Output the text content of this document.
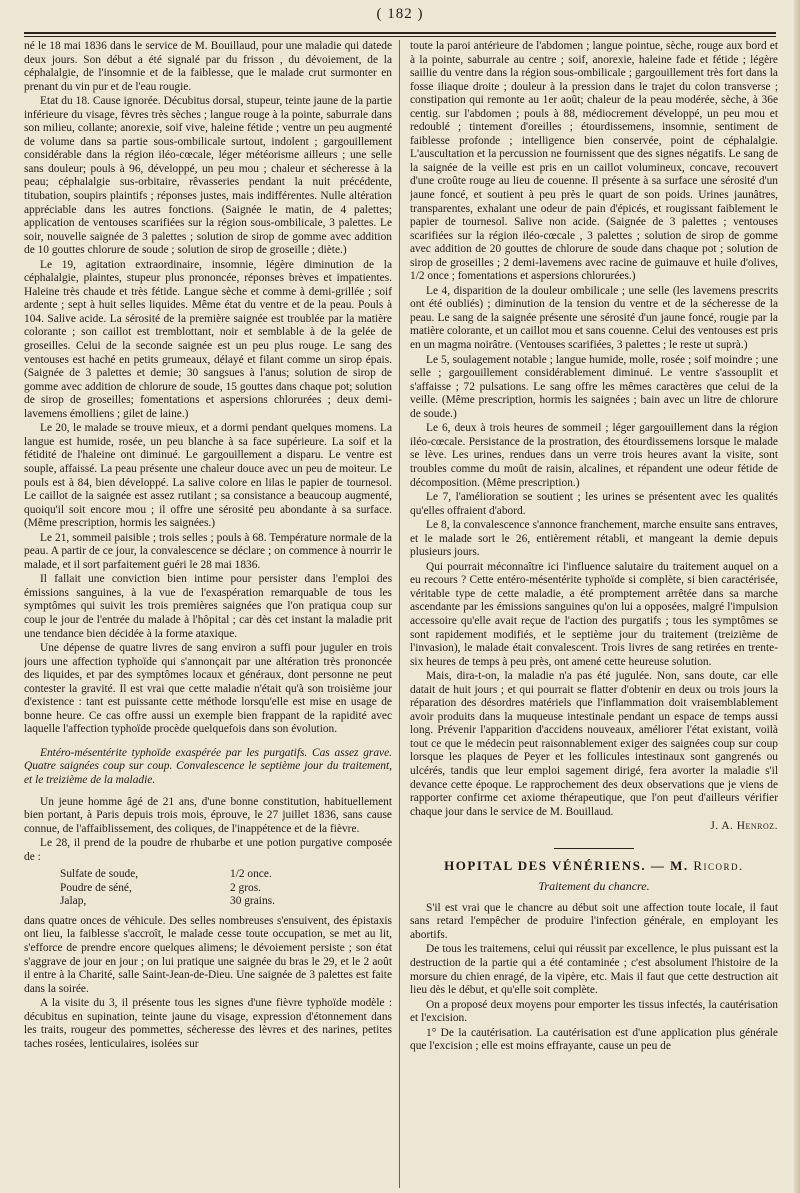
( 182 )

né le 18 mai 1836 dans le service de M. Bouillaud, pour une maladie qui datede deux jours. Son début a été signalé par du frisson , du dévoiement, de la céphalalgie, de l'insomnie et de la faiblesse, que le malade crut surmonter en prenant du vin pur et de l'eau rougie.

Etat du 18. Cause ignorée. Décubitus dorsal, stupeur, teinte jaune de la partie inférieure du visage, fèvres très sèches ; langue rouge à la pointe, saburrale dans son milieu, collante; anorexie, soif vive, haleine fétide ; ventre un peu augmenté de volume dans sa partie sous-ombilicale surtout, indolent ; gargouillement considérable dans la région iléo-cœcale, léger météorisme ailleurs ; une selle sans douleur; pouls à 96, développé, un peu mou ; chaleur et sécheresse à la peau; céphalalgie sus-orbitaire, rêvasseries pendant la nuit précédente, titubation, soupirs plaintifs ; réponses justes, mais indifférentes. Nulle altération appréciable dans les autres fonctions. (Saignée le matin, de 4 palettes; application de ventouses scarifiées sur la région sous-ombilicale, 3 palettes. Le soir, nouvelle saignée de 3 palettes ; solution de sirop de gomme avec addition de 10 gouttes chlorure de soude ; solution de sirop de groseille ; diète.)

Le 19, agitation extraordinaire, insomnie, légère diminution de la céphalalgie, plaintes, stupeur plus prononcée, réponses brèves et impatientes. Haleine très chaude et très fétide. Langue sèche et comme à demi-grillée ; soif ardente ; sept à huit selles liquides. Même état du ventre et de la peau. Pouls à 104. Salive acide. La sérosité de la première saignée est troublée par la matière colorante ; son caillot est tremblottant, noir et semblable à de la gelée de groseilles. Celui de la seconde saignée est un peu plus rouge. Le sang des ventouses est haché en petits grumeaux, délayé et filant comme un sirop épais. (Saignée de 3 palettes et demie; 30 sangsues à l'anus; solution de sirop de gomme avec addition de chlorure de soude, 15 gouttes dans chaque pot; solution de sirop de groseilles; fomentations et aspersions chlorurées ; deux demi-lavemens émolliens ; gilet de laine.)

Le 20, le malade se trouve mieux, et a dormi pendant quelques momens. La langue est humide, rosée, un peu blanche à sa face supérieure. La soif et la fétidité de l'haleine ont diminué. Le gargouillement a disparu. Le ventre est souple, affaissé. La peau présente une chaleur douce avec un peu de moiteur. Le pouls est à 84, bien développé. La salive colore en lilas le papier de tournesol. Le caillot de la saignée est assez rutilant ; sa consistance a beaucoup augmenté, quoiqu'il soit encore mou ; il offre une sérosité peu abondante à sa surface. (Même prescription, hormis les saignées.)

Le 21, sommeil paisible ; trois selles ; pouls à 68. Température normale de la peau. A partir de ce jour, la convalescence se déclare ; on commence à nourrir le malade, et il sort parfaitement guéri le 28 mai 1836.

Il fallait une conviction bien intime pour persister dans l'emploi des émissions sanguines, à la vue de l'exaspération remarquable de tous les symptômes qui suivit les trois premières saignées que l'on pratiqua coup sur coup le jour de l'entrée du malade à l'hôpital ; car dès cet instant la maladie prit une tendance bien décidée à la forme ataxique.

Une dépense de quatre livres de sang environ a suffi pour juguler en trois jours une affection typhoïde qui s'annonçait par une altération très prononcée des liquides, et par des symptômes locaux et généraux, dont personne ne peut contester la gravité. Il est vrai que cette maladie n'était qu'à son troisième jour d'existence : tant est puissante cette méthode lorsqu'elle est mise en usage de bonne heure. Ce cas offre aussi un exemple bien frappant de la rapidité avec laquelle l'affection typhoïde procède quelquefois dans son évolution.

Entéro-mésentérite typhoïde exaspérée par les purgatifs. Cas assez grave. Quatre saignées coup sur coup. Convalescence le septième jour du traitement, et le treizième de la maladie.

Un jeune homme âgé de 21 ans, d'une bonne constitution, habituellement bien portant, à Paris depuis trois mois, éprouve, le 27 juillet 1836, sans cause connue, de l'affaiblissement, des coliques, de l'inappétence et de la fièvre.

Le 28, il prend de la poudre de rhubarbe et une potion purgative composée de :

Sulfate de soude,	1/2 once.
Poudre de séné,	2 gros.
Jalap,	30 grains.

dans quatre onces de véhicule. Des selles nombreuses s'ensuivent, des épistaxis ont lieu, la faiblesse s'accroît, le malade cesse toute occupation, se met au lit, s'efforce de prendre encore quelques alimens; le dévoiement persiste ; son état s'aggrave de jour en jour ; on lui pratique une saignée du bras le 29, et le 2 août il entre à la Charité, salle Saint-Jean-de-Dieu. Une saignée de 3 palettes est faite dans la soirée.

A la visite du 3, il présente tous les signes d'une fièvre typhoïde modèle : décubitus en supination, teinte jaune du visage, expression d'étonnement dans les traits, rougeur des pommettes, sécheresse des lèvres et des narines, petites taches rosées, lenticulaires, isolées sur

toute la paroi antérieure de l'abdomen ; langue pointue, sèche, rouge aux bord et à la pointe, saburrale au centre ; soif, anorexie, haleine fade et fétide ; légère saillie du ventre dans la région sous-ombilicale ; gargouillement très fort dans la fosse iliaque droite ; douleur à la pression dans le trajet du colon transverse ; constipation qui remonte au 1er août; chaleur de la peau modérée, sèche, à 36e centig. sur l'abdomen ; pouls à 88, médiocrement développé, un peu mou et redoublé ; tintement d'oreilles ; étourdissemens, insomnie, sentiment de faiblesse profonde ; intelligence bien conservée, point de céphalalgie. L'auscultation et la percussion ne fournissent que des signes négatifs. Le sang de la saignée de la veille est pris en un caillot volumineux, concave, recouvert d'une croûte rouge au lieu de couenne. Il présente à sa surface une sérosité d'un jaune foncé, et soutient à peu près le quart de son poids. Urines jaunâtres, transparentes, exhalant une odeur de pain d'épicés, et rougissant faiblement le papier de tournesol. Salive non acide. (Saignée de 3 palettes ; ventouses scarifiées sur la région iléo-cœcale , 3 palettes ; solution de sirop de gomme avec addition de 20 gouttes de chlorure de soude dans chaque pot ; solution de sirop de groseilles ; 2 demi-lavemens avec racine de guimauve et huile d'olives, 1/2 once ; fomentations et aspersions chlorurées.)

Le 4, disparition de la douleur ombilicale ; une selle (les lavemens prescrits ont été oubliés) ; diminution de la tension du ventre et de la sécheresse de la peau. Le sang de la saignée présente une sérosité d'un jaune foncé, rougie par la matière colorante, et un caillot mou et sans couenne. Celui des ventouses est pris en un magma noirâtre. (Ventouses scarifiées, 3 palettes ; le reste ut suprà.)

Le 5, soulagement notable ; langue humide, molle, rosée ; soif moindre ; une selle ; gargouillement considérablement diminué. Le ventre s'assouplit et s'affaisse ; 72 pulsations. Le sang offre les mêmes caractères que celui de la veille. (Même prescription, hormis les saignées ; bain avec un litre de chlorure de soude.)

Le 6, deux à trois heures de sommeil ; léger gargouillement dans la région iléo-cœcale. Persistance de la prostration, des étourdissemens lorsque le malade se lève. Les urines, rendues dans un verre trois heures avant la visite, sont troubles comme du moût de raisin, alcalines, et répandent une odeur fétide de décomposition. (Même prescription.)

Le 7, l'amélioration se soutient ; les urines se présentent avec les qualités qu'elles offraient d'abord.

Le 8, la convalescence s'annonce franchement, marche ensuite sans entraves, et le malade sort le 26, entièrement rétabli, et mangeant la demie depuis plusieurs jours.

Qui pourrait méconnaître ici l'influence salutaire du traitement auquel on a eu recours ? Cette entéro-mésentérite typhoïde si complète, si bien caractérisée, véritable type de cette maladie, a été promptement arrêtée dans sa marche ascendante par les émissions sanguines qu'on lui a opposées, malgré l'impulsion accessoire qu'elle avait reçue de l'action des purgatifs ; tous les symptômes se sont rapidement modifiés, et le septième jour du traitement (treizième de l'invasion), le malade était convalescent. Trois livres de sang retirées en trente-six heures de temps à peu près, ont amené cette heureuse solution.

Mais, dira-t-on, la maladie n'a pas été jugulée. Non, sans doute, car elle datait de huit jours ; et qui pourrait se flatter d'obtenir en deux ou trois jours la réparation des désordres matériels que l'inflammation doit vraisemblablement avoir produits dans la muqueuse intestinale pendant un espace de temps aussi long. Prévenir l'apparition d'accidens nouveaux, améliorer l'état existant, voilà tout ce que le médecin peut raisonnablement exiger des saignées coup sur coup lorsque les plaques de Peyer et les follicules intestinaux sont gangrenés ou ulcérés, tandis que leur emploi sagement dirigé, fera avorter la maladie s'il devance cette époque. Le rapprochement des deux observations que je viens de rapporter confirme cet axiome thérapeutique, que l'on peut d'ailleurs vérifier chaque jour dans le service de M. Bouillaud.

J. A. Henroz.

HOPITAL DES VÉNÉRIENS. — M. Ricord.
Traitement du chancre.

S'il est vrai que le chancre au début soit une affection toute locale, il faut sans retard l'empêcher de produire l'infection générale, en employant les abortifs.

De tous les traitemens, celui qui réussit par excellence, le plus puissant est la destruction de la partie qui a été contaminée ; c'est absolument l'histoire de la morsure du chien enragé, de la vipère, etc. Mais il faut que cette destruction ait lieu dès le début, et qu'elle soit complète.

On a proposé deux moyens pour emporter les tissus infectés, la cautérisation et l'excision.

1° De la cautérisation. La cautérisation est d'une application plus générale que l'excision ; elle est moins effrayante, cause un peu de
